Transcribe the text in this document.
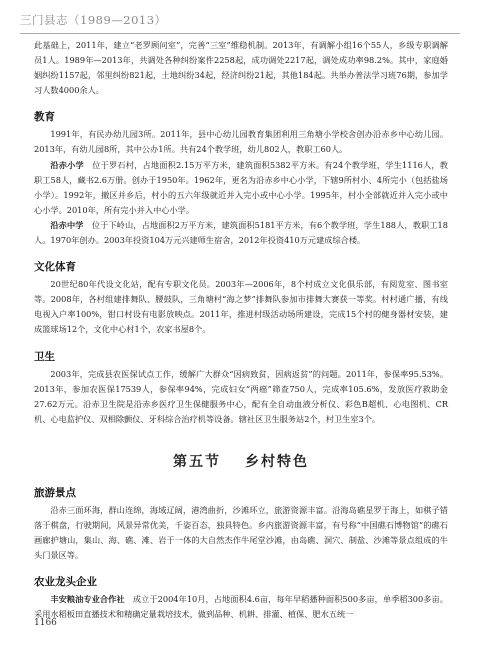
三门县志（1989—2013）

此基础上，2011年，建立“老罗顾问室”，完善“三室”维稳机制。2013年，有调解小组16个55人，乡级专职调解员1人。1989年—2013年，共调处各种纠纷案件2258起，成功调处2217起，调处成功率98.2%。其中，家庭婚姻纠纷1157起，邻里纠纷821起，土地纠纷34起，经济纠纷21起，其他184起。共举办普法学习班76期，参加学习人数4000余人。

教育

1991年，有民办幼儿园3所。2011年，县中心幼儿园教育集团利用三角塘小学校舍创办沿赤乡中心幼儿园。2013年，有幼儿园8所，其中公办1所。共有24个教学班，幼儿802人，教职工60人。

沿赤小学　 位于罗石村，占地面积2.15万平方米，建筑面积5382平方米。有24个教学班，学生1116人，教职工58人，藏书2.6万册。创办于1950年。1962年，更名为沿赤乡中心小学，下辖9所村小、4所完小（包括盐场小学）。1992年，撤区并乡后，村小的五六年级就近并入完小或中心小学。1995年，村小全部就近并入完小或中心小学。2010年，所有完小并入中心小学。

沿赤中学　 位于下岭山，占地面积2万平方米，建筑面积5181平方米，有6个教学班，学生188人，教职工18人。1970年创办。2003年投资104万元兴建师生宿舍，2012年投资410万元建成综合楼。

文化体育

20世纪80年代设文化站，配有专职文化员。2003年—2006年，8个村成立文化俱乐部，有阅览室、图书室等。2008年，各村组建排舞队、腰鼓队，三角塘村“海之梦”排舞队参加市排舞大赛获一等奖。村村通广播，有线电视入户率100%，钳口村设有电影放映点。2011年，推进村级活动场所建设，完成15个村的健身器材安装，建成篮球场12个，文化中心村1个，农家书屋8个。

卫生

2003年，完成县农医保试点工作，缓解广大群众“因病致贫，因病返贫”的问题。2011年，参保率95.53%。2013年，参加农医保17539人，参保率94%，完成妇女“两癌”筛查750人，完成率105.6%，发放医疗救助金27.62万元。沿赤卫生院是沿赤乡医疗卫生保健服务中心，配有全自动血液分析仪、彩色B超机、心电图机、CR机、心电监护仪、双相除颤仪、牙科综合治疗机等设备。辖社区卫生服务站2个，村卫生室3个。

第五节 乡村特色
旅游景点

沿赤三面环海，群山连绵，海域辽阔，港湾曲折，沙滩环立，旅游资源丰富。沿海岛礁星罗于海上，如棋子错落于棋盘，行驶期间，风景异常优美，千姿百态，独具特色。乡内旅游资源丰富，有号称“中国礁石博物馆”的礁石画廊护塘山，集山、海、礁、滩、岩于一体的大自然杰作牛尾堂沙滩，由岛礁、洞穴、制盐、沙滩等景点组成的牛头门景区等。

农业龙头企业

丰安粮油专业合作社　 成立于2004年10月，占地面积4.6亩，每年早稻播种面积500多亩，单季稻300多亩。采用水稻板田直播技术和精确定量栽培技术，做到品种、机耕、排灌、植保、肥水五统一

1166
